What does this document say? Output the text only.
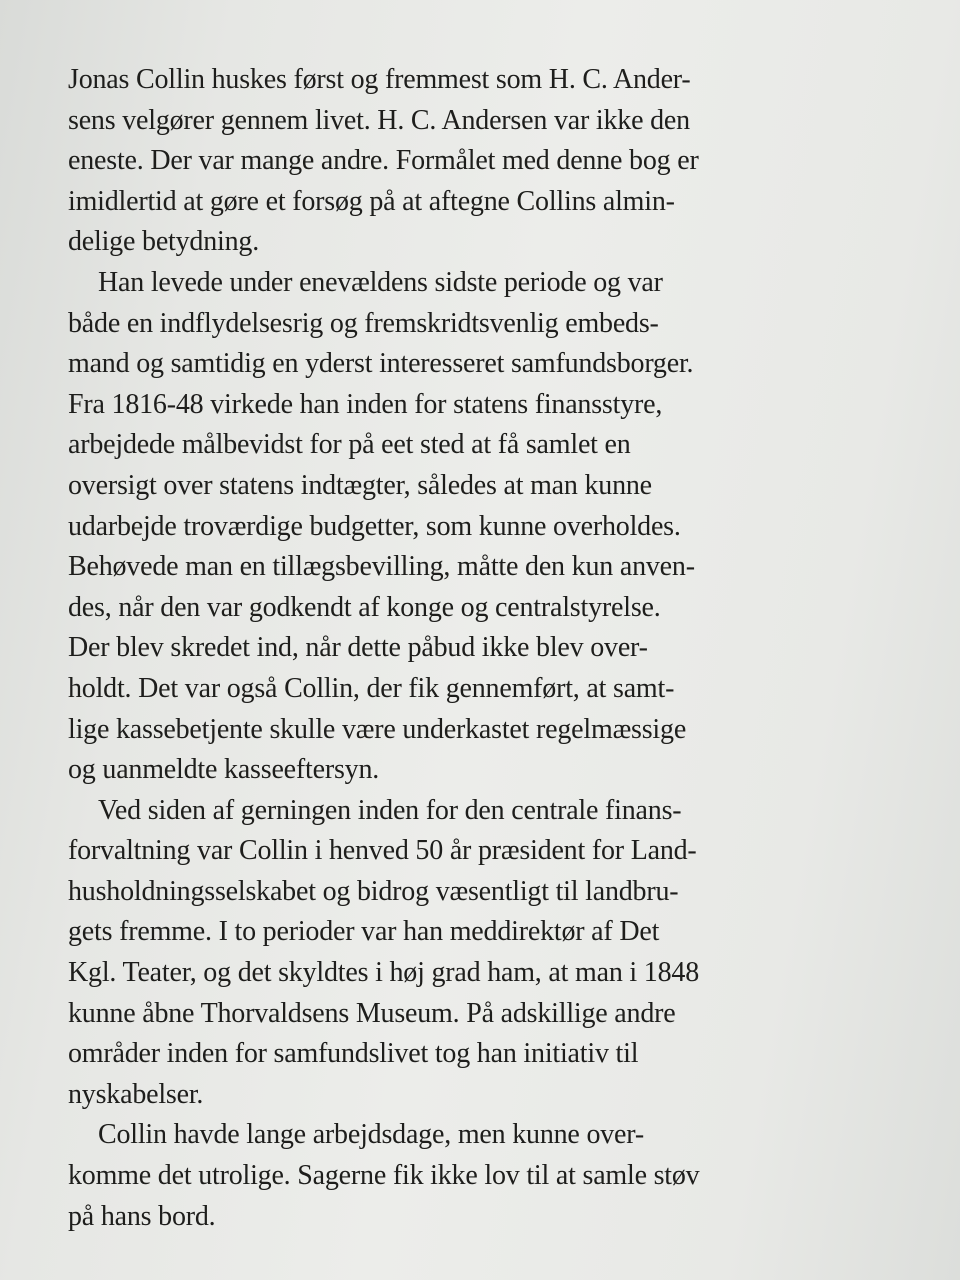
Jonas Collin huskes først og fremmest som H. C. Ander-
sens velgører gennem livet. H. C. Andersen var ikke den
eneste. Der var mange andre. Formålet med denne bog er
imidlertid at gøre et forsøg på at aftegne Collins almin-
delige betydning.
Han levede under enevældens sidste periode og var
både en indflydelsesrig og fremskridtsvenlig embeds-
mand og samtidig en yderst interesseret samfundsborger.
Fra 1816-48 virkede han inden for statens finansstyre,
arbejdede målbevidst for på eet sted at få samlet en
oversigt over statens indtægter, således at man kunne
udarbejde troværdige budgetter, som kunne overholdes.
Behøvede man en tillægsbevilling, måtte den kun anven-
des, når den var godkendt af konge og centralstyrelse.
Der blev skredet ind, når dette påbud ikke blev over-
holdt. Det var også Collin, der fik gennemført, at samt-
lige kassebetjente skulle være underkastet regelmæssige
og uanmeldte kasseeftersyn.
Ved siden af gerningen inden for den centrale finans-
forvaltning var Collin i henved 50 år præsident for Land-
husholdningsselskabet og bidrog væsentligt til landbru-
gets fremme. I to perioder var han meddirektør af Det
Kgl. Teater, og det skyldtes i høj grad ham, at man i 1848
kunne åbne Thorvaldsens Museum. På adskillige andre
områder inden for samfundslivet tog han initiativ til
nyskabelser.
Collin havde lange arbejdsdage, men kunne over-
komme det utrolige. Sagerne fik ikke lov til at samle støv
på hans bord.
